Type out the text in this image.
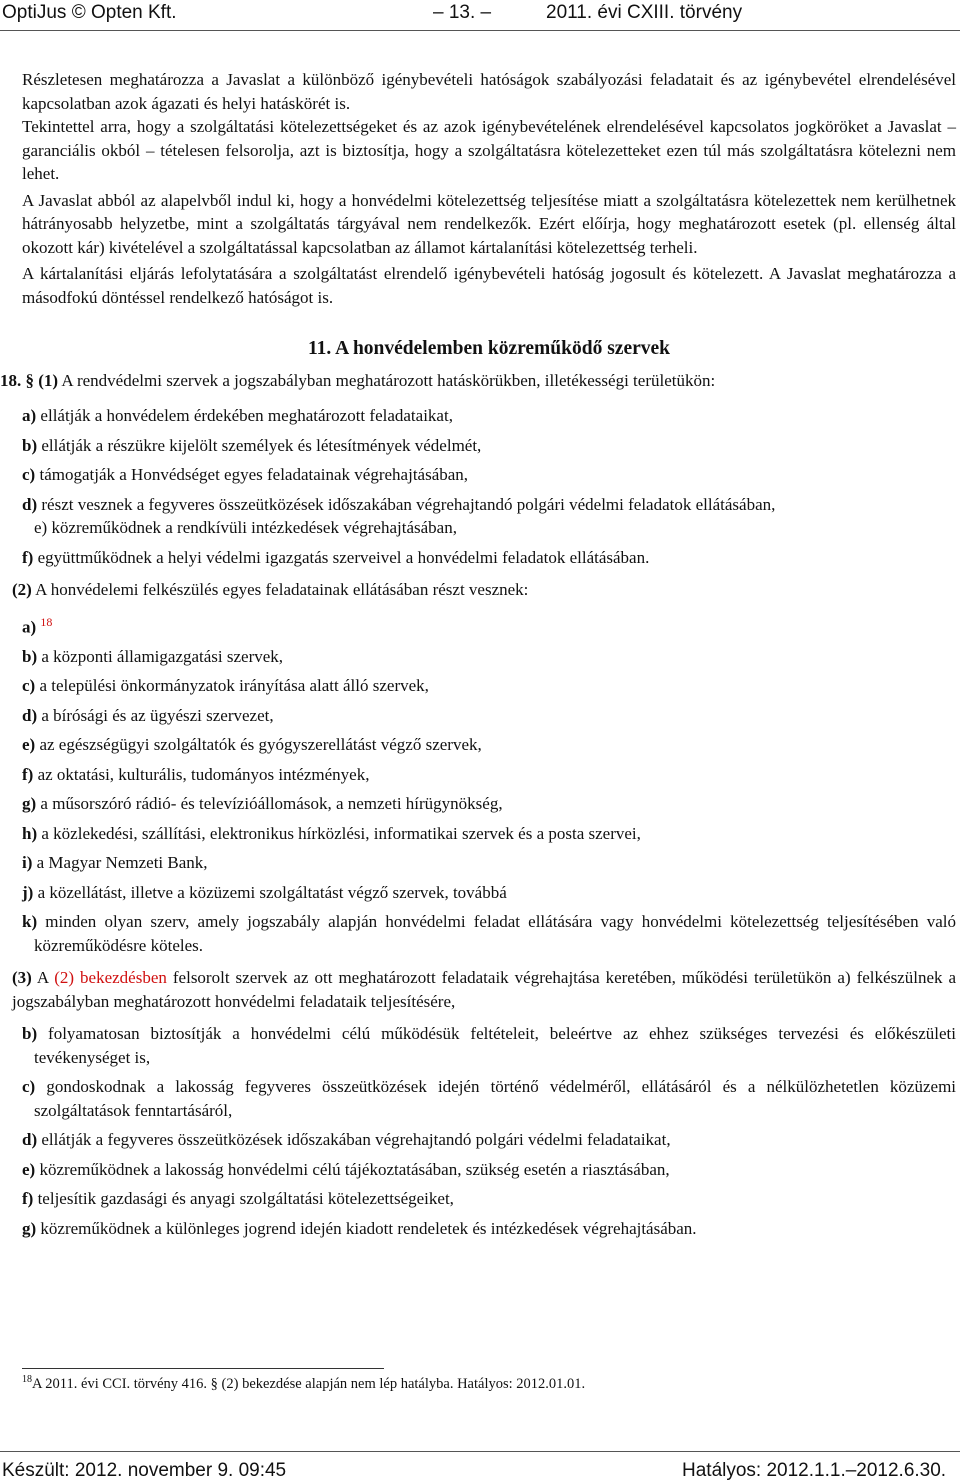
OptiJus © Opten Kft.	– 13. –	2011. évi CXIII. törvény

Részletesen meghatározza a Javaslat a különböző igénybevételi hatóságok szabályozási feladatait és az igénybevétel elrendelésével kapcsolatban azok ágazati és helyi hatáskörét is.

Tekintettel arra, hogy a szolgáltatási kötelezettségeket és az azok igénybevételének elrendelésével kapcsolatos jogköröket a Javaslat – garanciális okból – tételesen felsorolja, azt is biztosítja, hogy a szolgáltatásra kötelezetteket ezen túl más szolgáltatásra kötelezni nem lehet.

A Javaslat abból az alapelvből indul ki, hogy a honvédelmi kötelezettség teljesítése miatt a szolgáltatásra kötelezettek nem kerülhetnek hátrányosabb helyzetbe, mint a szolgáltatás tárgyával nem rendelkezők. Ezért előírja, hogy meghatározott esetek (pl. ellenség által okozott kár) kivételével a szolgáltatással kapcsolatban az államot kártalanítási kötelezettség terheli.

A kártalanítási eljárás lefolytatására a szolgáltatást elrendelő igénybevételi hatóság jogosult és kötelezett. A Javaslat meghatározza a másodfokú döntéssel rendelkező hatóságot is.

11. A honvédelemben közreműködő szervek

18. § (1) A rendvédelmi szervek a jogszabályban meghatározott hatáskörükben, illetékességi területükön:

a) ellátják a honvédelem érdekében meghatározott feladataikat,

b) ellátják a részükre kijelölt személyek és létesítmények védelmét,

c) támogatják a Honvédséget egyes feladatainak végrehajtásában,

d) részt vesznek a fegyveres összeütközések időszakában végrehajtandó polgári védelmi feladatok ellátásában,

e) közreműködnek a rendkívüli intézkedések végrehajtásában,

f) együttműködnek a helyi védelmi igazgatás szerveivel a honvédelmi feladatok ellátásában.

(2) A honvédelemi felkészülés egyes feladatainak ellátásában részt vesznek:

a) $^{18}$

b) a központi államigazgatási szervek,

c) a települési önkormányzatok irányítása alatt álló szervek,

d) a bírósági és az ügyészi szervezet,

e) az egészségügyi szolgáltatók és gyógyszerellátást végző szervek,

f) az oktatási, kulturális, tudományos intézmények,

g) a műsorszóró rádió- és televízióállomások, a nemzeti hírügynökség,

h) a közlekedési, szállítási, elektronikus hírközlési, informatikai szervek és a posta szervei,

i) a Magyar Nemzeti Bank,

j) a közellátást, illetve a közüzemi szolgáltatást végző szervek, továbbá

k) minden olyan szerv, amely jogszabály alapján honvédelmi feladat ellátására vagy honvédelmi kötelezettség teljesítésében való közreműködésre köteles.

(3) A (2) bekezdésben felsorolt szervek az ott meghatározott feladataik végrehajtása keretében, működési területükön a) felkészülnek a jogszabályban meghatározott honvédelmi feladataik teljesítésére,

b) folyamatosan biztosítják a honvédelmi célú működésük feltételeit, beleértve az ehhez szükséges tervezési és előkészületi tevékenységet is,

c) gondoskodnak a lakosság fegyveres összeütközések idején történő védelméről, ellátásáról és a nélkülözhetetlen közüzemi szolgáltatások fenntartásáról,

d) ellátják a fegyveres összeütközések időszakában végrehajtandó polgári védelmi feladataikat,

e) közreműködnek a lakosság honvédelmi célú tájékoztatásában, szükség esetén a riasztásában,

f) teljesítik gazdasági és anyagi szolgáltatási kötelezettségeiket,

g) közreműködnek a különleges jogrend idején kiadott rendeletek és intézkedések végrehajtásában.

$^{18}$A 2011. évi CCI. törvény 416. § (2) bekezdése alapján nem lép hatályba. Hatályos: 2012.01.01.
Készült: 2012. november 9. 09:45	Hatályos: 2012.1.1.–2012.6.30.
